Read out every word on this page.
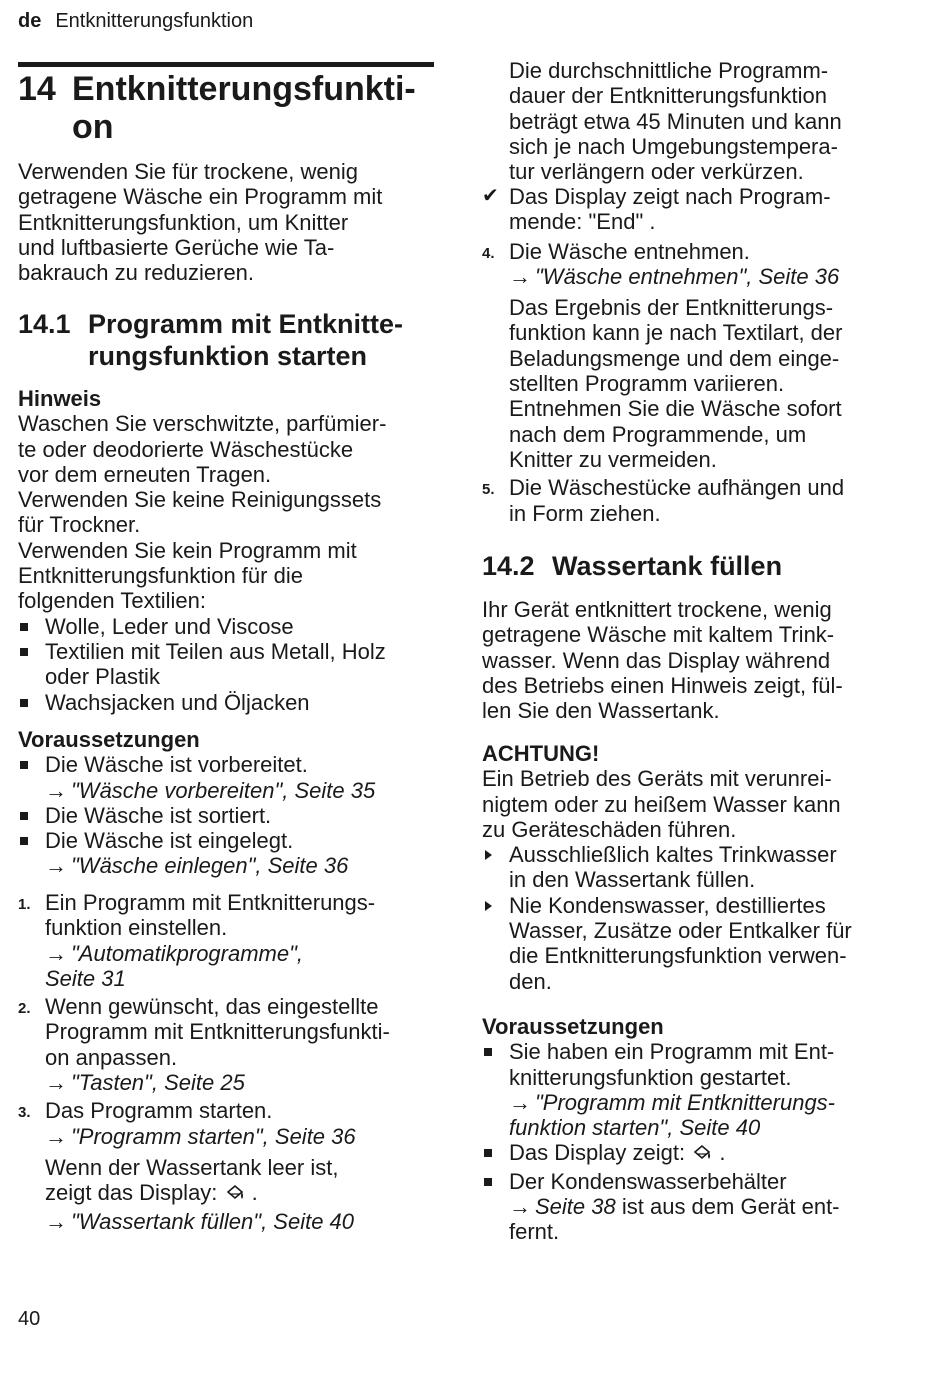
de Entknitterungsfunktion
14 Entknitterungsfunkti-
on
Verwenden Sie für trockene, wenig
getragene Wäsche ein Programm mit
Entknitterungsfunktion, um Knitter
und luftbasierte Gerüche wie Ta-
bakrauch zu reduzieren.
14.1 Programm mit Entknitte-
rungsfunktion starten
Hinweis
Waschen Sie verschwitzte, parfümier-
te oder deodorierte Wäschestücke
vor dem erneuten Tragen.
Verwenden Sie keine Reinigungssets
für Trockner.
Verwenden Sie kein Programm mit
Entknitterungsfunktion für die
folgenden Textilien:
Wolle, Leder und Viscose
Textilien mit Teilen aus Metall, Holz
oder Plastik
Wachsjacken und Öljacken
Voraussetzungen
Die Wäsche ist vorbereitet.
→ "Wäsche vorbereiten", Seite 35
Die Wäsche ist sortiert.
Die Wäsche ist eingelegt.
→ "Wäsche einlegen", Seite 36
1. Ein Programm mit Entknitterungs-
funktion einstellen.
→ "Automatikprogramme",
Seite 31
2. Wenn gewünscht, das eingestellte
Programm mit Entknitterungsfunkti-
on anpassen.
→ "Tasten", Seite 25
3. Das Programm starten.
→ "Programm starten", Seite 36
Wenn der Wassertank leer ist,
zeigt das Display:  .
→ "Wassertank füllen", Seite 40
Die durchschnittliche Programm-
dauer der Entknitterungsfunktion
beträgt etwa 45 Minuten und kann
sich je nach Umgebungstempera-
tur verlängern oder verkürzen.
✔ Das Display zeigt nach Program-
mende: "End" .
4. Die Wäsche entnehmen.
→ "Wäsche entnehmen", Seite 36
Das Ergebnis der Entknitterungs-
funktion kann je nach Textilart, der
Beladungsmenge und dem einge-
stellten Programm variieren.
Entnehmen Sie die Wäsche sofort
nach dem Programmende, um
Knitter zu vermeiden.
5. Die Wäschestücke aufhängen und
in Form ziehen.
14.2 Wassertank füllen
Ihr Gerät entknittert trockene, wenig
getragene Wäsche mit kaltem Trink-
wasser. Wenn das Display während
des Betriebs einen Hinweis zeigt, fül-
len Sie den Wassertank.
ACHTUNG!
Ein Betrieb des Geräts mit verunrei-
nigtem oder zu heißem Wasser kann
zu Geräteschäden führen.
Ausschließlich kaltes Trinkwasser
in den Wassertank füllen.
Nie Kondenswasser, destilliertes
Wasser, Zusätze oder Entkalker für
die Entknitterungsfunktion verwen-
den.
Voraussetzungen
Sie haben ein Programm mit Ent-
knitterungsfunktion gestartet.
→ "Programm mit Entknitterungs-
funktion starten", Seite 40
Das Display zeigt:  .
Der Kondenswasserbehälter
→ Seite 38 ist aus dem Gerät ent-
fernt.
40
